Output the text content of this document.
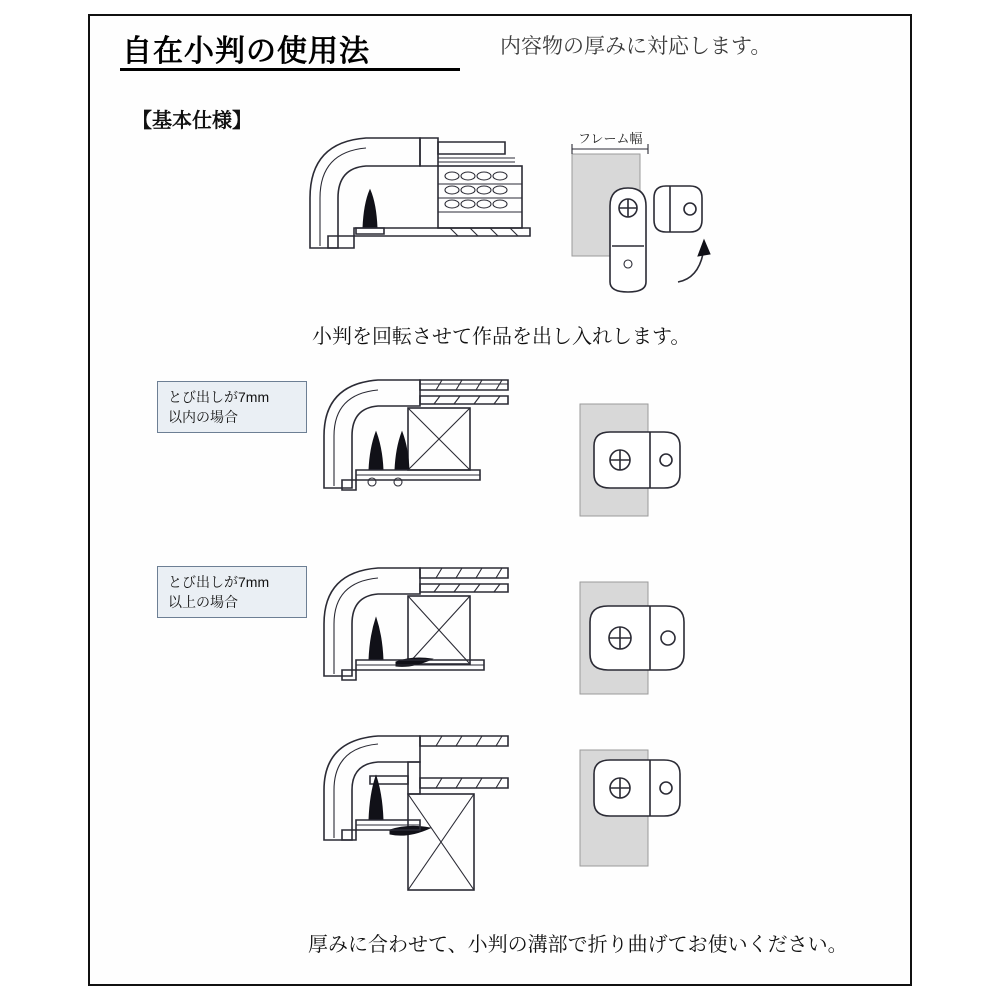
自在小判の使用法	内容物の厚みに対応します。
【基本仕様】
フレーム幅
小判を回転させて作品を出し入れします。
とび出しが7mm
以内の場合
とび出しが7mm
以上の場合
厚みに合わせて、小判の溝部で折り曲げてお使いください。
